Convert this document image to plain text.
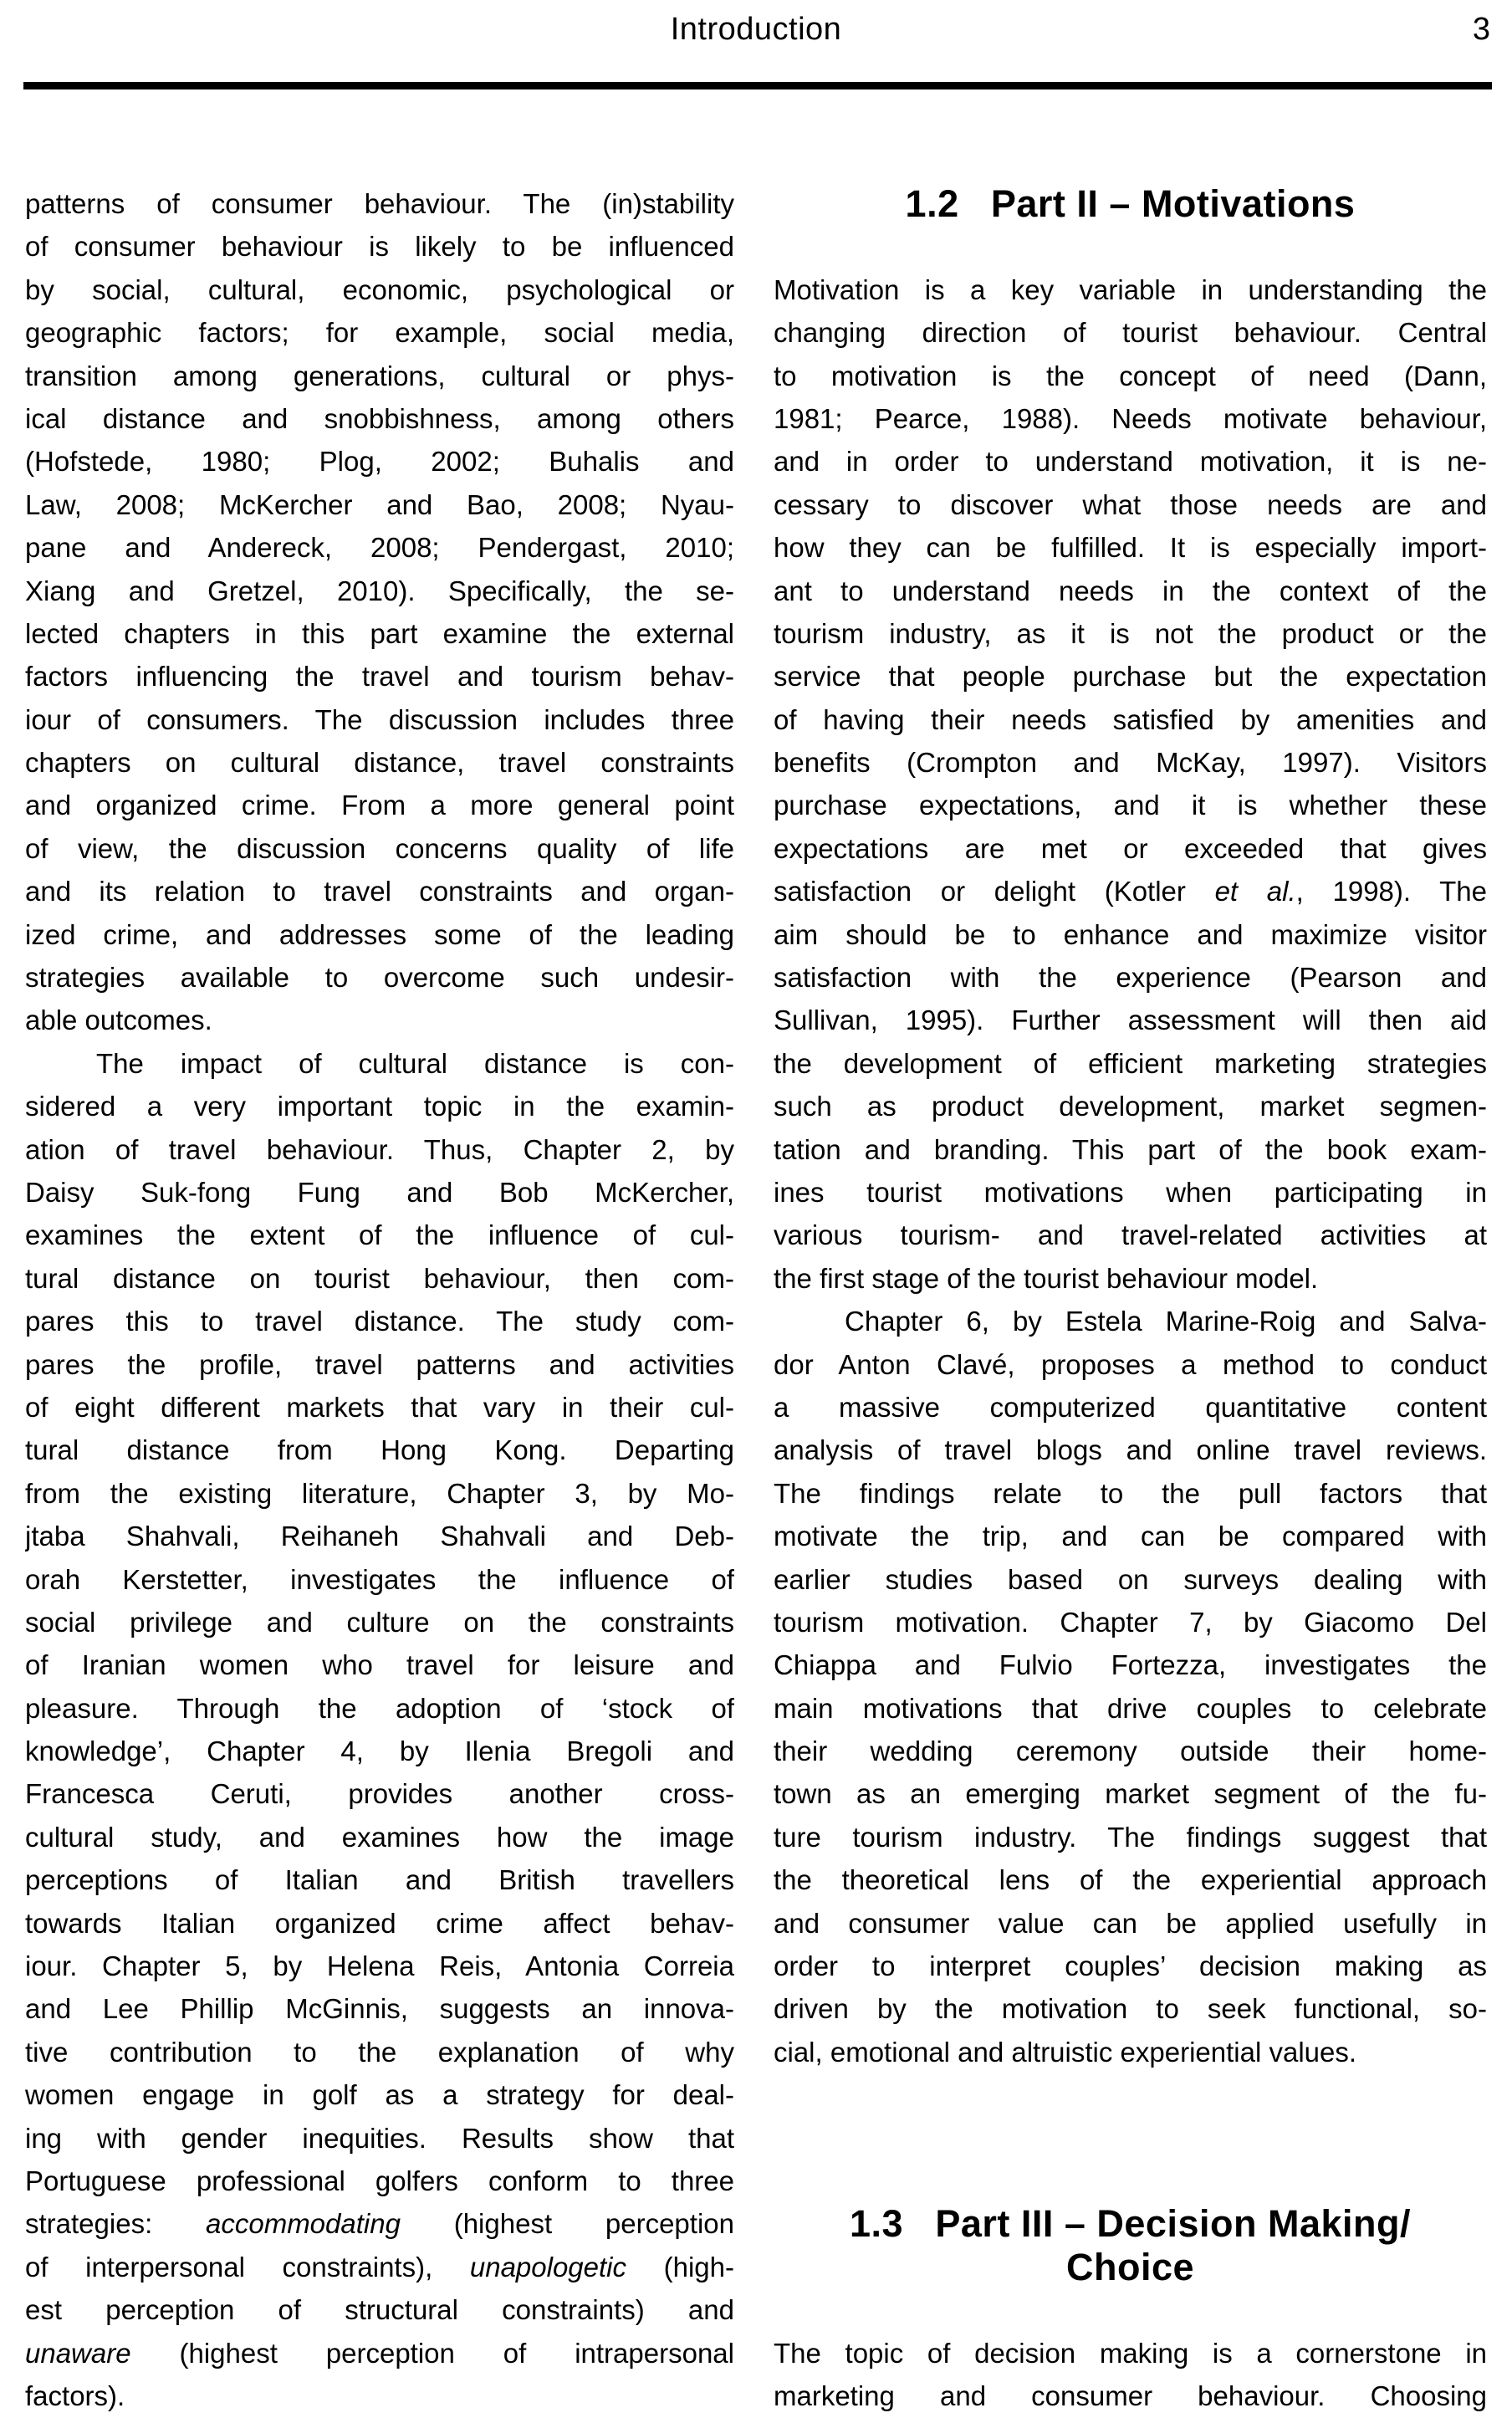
Introduction	3
patterns of consumer behaviour. The (in)stability
of consumer behaviour is likely to be influenced
by social, cultural, economic, psychological or
geographic factors; for example, social media,
transition among generations, cultural or phys-
ical distance and snobbishness, among others
(Hofstede, 1980; Plog, 2002; Buhalis and
Law, 2008; McKercher and Bao, 2008; Nyau-
pane and Andereck, 2008; Pendergast, 2010;
Xiang and Gretzel, 2010). Specifically, the se-
lected chapters in this part examine the external
factors influencing the travel and tourism behav-
iour of consumers. The discussion includes three
chapters on cultural distance, travel constraints
and organized crime. From a more general point
of view, the discussion concerns quality of life
and its relation to travel constraints and organ-
ized crime, and addresses some of the leading
strategies available to overcome such undesir-
able outcomes.
The impact of cultural distance is con-
sidered a very important topic in the examin-
ation of travel behaviour. Thus, Chapter 2, by
Daisy Suk-fong Fung and Bob McKercher,
examines the extent of the influence of cul-
tural distance on tourist behaviour, then com-
pares this to travel distance. The study com-
pares the profile, travel patterns and activities
of eight different markets that vary in their cul-
tural distance from Hong Kong. Departing
from the existing literature, Chapter 3, by Mo-
jtaba Shahvali, Reihaneh Shahvali and Deb-
orah Kerstetter, investigates the influence of
social privilege and culture on the constraints
of Iranian women who travel for leisure and
pleasure. Through the adoption of ‘stock of
knowledge’, Chapter 4, by Ilenia Bregoli and
Francesca Ceruti, provides another cross-
cultural study, and examines how the image
perceptions of Italian and British travellers
towards Italian organized crime affect behav-
iour. Chapter 5, by Helena Reis, Antonia Correia
and Lee Phillip McGinnis, suggests an innova-
tive contribution to the explanation of why
women engage in golf as a strategy for deal-
ing with gender inequities. Results show that
Portuguese professional golfers conform to three
strategies: accommodating (highest perception
of interpersonal constraints), unapologetic (high-
est perception of structural constraints) and
unaware (highest perception of intrapersonal
factors).
1.2 Part II – Motivations
Motivation is a key variable in understanding the
changing direction of tourist behaviour. Central
to motivation is the concept of need (Dann,
1981; Pearce, 1988). Needs motivate behaviour,
and in order to understand motivation, it is ne-
cessary to discover what those needs are and
how they can be fulfilled. It is especially import-
ant to understand needs in the context of the
tourism industry, as it is not the product or the
service that people purchase but the expectation
of having their needs satisfied by amenities and
benefits (Crompton and McKay, 1997). Visitors
purchase expectations, and it is whether these
expectations are met or exceeded that gives
satisfaction or delight (Kotler et al., 1998). The
aim should be to enhance and maximize visitor
satisfaction with the experience (Pearson and
Sullivan, 1995). Further assessment will then aid
the development of efficient marketing strategies
such as product development, market segmen-
tation and branding. This part of the book exam-
ines tourist motivations when participating in
various tourism- and travel-related activities at
the first stage of the tourist behaviour model.
Chapter 6, by Estela Marine-Roig and Salva-
dor Anton Clavé, proposes a method to conduct
a massive computerized quantitative content
analysis of travel blogs and online travel reviews.
The findings relate to the pull factors that
motivate the trip, and can be compared with
earlier studies based on surveys dealing with
tourism motivation. Chapter 7, by Giacomo Del
Chiappa and Fulvio Fortezza, investigates the
main motivations that drive couples to celebrate
their wedding ceremony outside their home-
town as an emerging market segment of the fu-
ture tourism industry. The findings suggest that
the theoretical lens of the experiential approach
and consumer value can be applied usefully in
order to interpret couples’ decision making as
driven by the motivation to seek functional, so-
cial, emotional and altruistic experiential values.
1.3 Part III – Decision Making/
Choice
The topic of decision making is a cornerstone in
marketing and consumer behaviour. Choosing
